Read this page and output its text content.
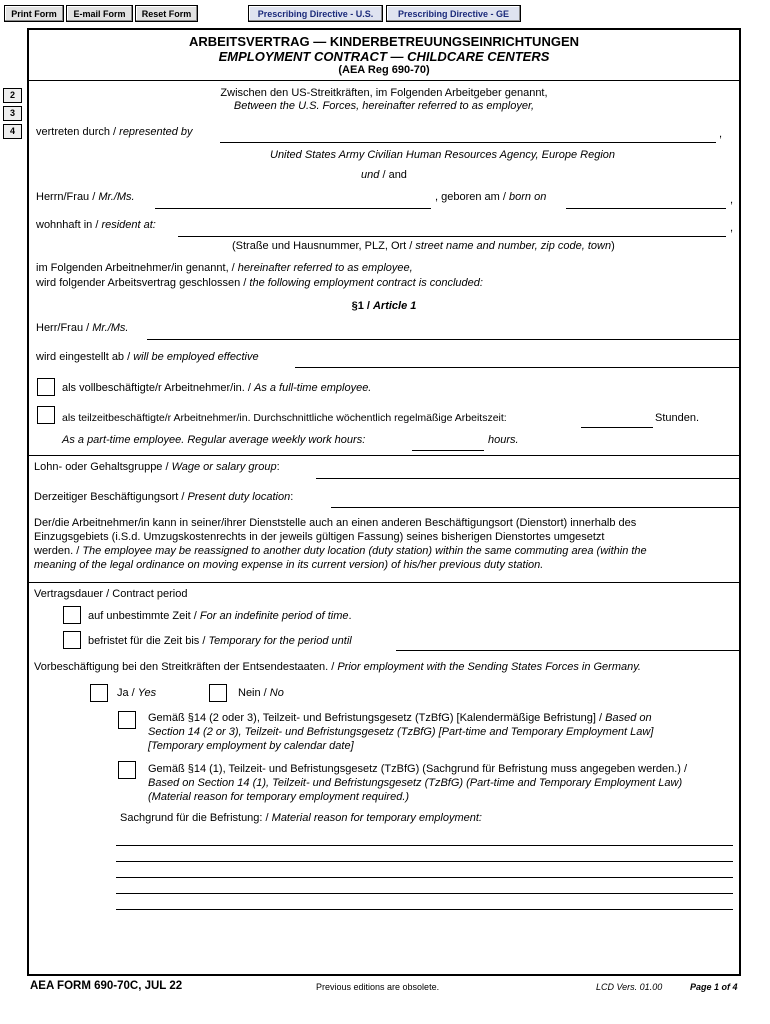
Print Form	E-mail Form	Reset Form	Prescribing Directive - U.S.	Prescribing Directive - GE
2
3
4
ARBEITSVERTRAG — KINDERBETREUUNGSEINRICHTUNGEN
EMPLOYMENT CONTRACT — CHILDCARE CENTERS
(AEA Reg 690-70)
Zwischen den US-Streitkräften, im Folgenden Arbeitgeber genannt,
Between the U.S. Forces, hereinafter referred to as employer,
vertreten durch / represented by	,
United States Army Civilian Human Resources Agency, Europe Region
und / and
Herrn/Frau / Mr./Ms.	, geboren am / born on	,
wohnhaft in / resident at:	,
(Straße und Hausnummer, PLZ, Ort / street name and number, zip code, town)
im Folgenden Arbeitnehmer/in genannt, / hereinafter referred to as employee,
wird folgender Arbeitsvertrag geschlossen / the following employment contract is concluded:
§1 / Article 1
Herr/Frau / Mr./Ms.
wird eingestellt ab / will be employed effective
als vollbeschäftigte/r Arbeitnehmer/in. / As a full-time employee.
als teilzeitbeschäftigte/r Arbeitnehmer/in. Durchschnittliche wöchentlich regelmäßige Arbeitszeit:	Stunden.
As a part-time employee. Regular average weekly work hours:	hours.
Lohn- oder Gehaltsgruppe / Wage or salary group:
Derzeitiger Beschäftigungsort / Present duty location:
Der/die Arbeitnehmer/in kann in seiner/ihrer Dienststelle auch an einen anderen Beschäftigungsort (Dienstort) innerhalb des
Einzugsgebiets (i.S.d. Umzugskostenrechts in der jeweils gültigen Fassung) seines bisherigen Dienstortes umgesetzt
werden. / The employee may be reassigned to another duty location (duty station) within the same commuting area (within the
meaning of the legal ordinance on moving expense in its current version) of his/her previous duty station.
Vertragsdauer / Contract period
auf unbestimmte Zeit / For an indefinite period of time.
befristet für die Zeit bis / Temporary for the period until
Vorbeschäftigung bei den Streitkräften der Entsendestaaten. / Prior employment with the Sending States Forces in Germany.
Ja / Yes	Nein / No
Gemäß §14 (2 oder 3), Teilzeit- und Befristungsgesetz (TzBfG) [Kalendermäßige Befristung] / Based on
Section 14 (2 or 3), Teilzeit- und Befristungsgesetz (TzBfG) [Part-time and Temporary Employment Law]
[Temporary employment by calendar date]
Gemäß §14 (1), Teilzeit- und Befristungsgesetz (TzBfG) (Sachgrund für Befristung muss angegeben werden.) /
Based on Section 14 (1), Teilzeit- und Befristungsgesetz (TzBfG) (Part-time and Temporary Employment Law)
(Material reason for temporary employment required.)
Sachgrund für die Befristung: / Material reason for temporary employment:
AEA FORM 690-70C, JUL 22	Previous editions are obsolete.	LCD Vers. 01.00	Page 1 of 4
